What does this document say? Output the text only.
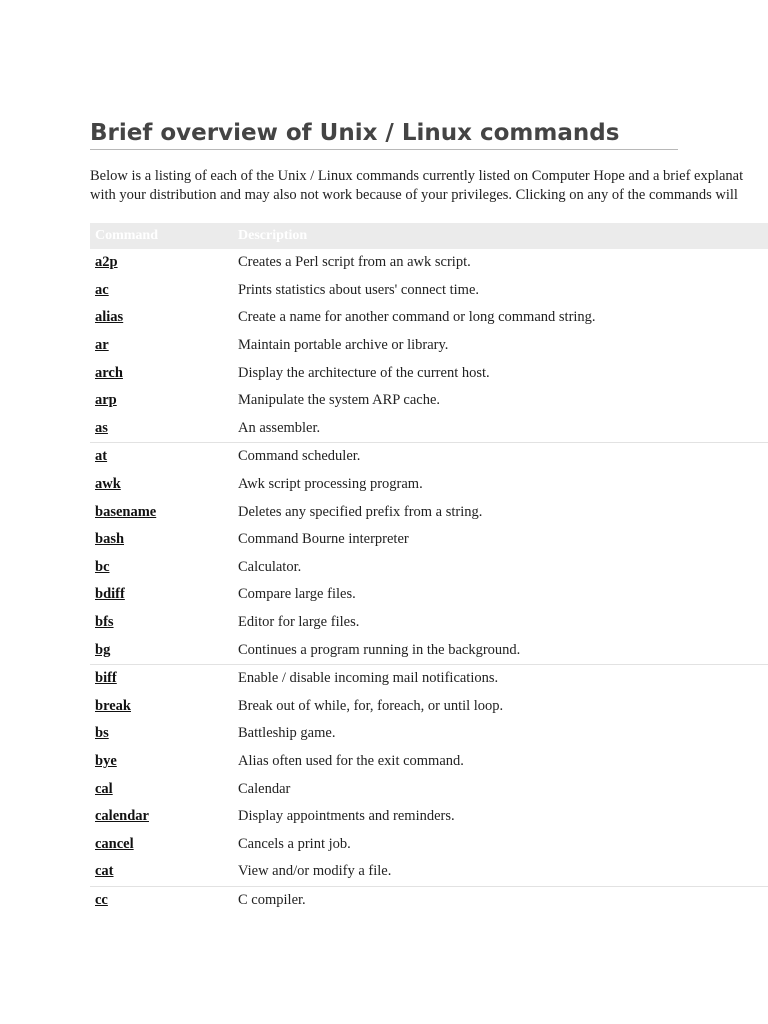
Brief overview of Unix / Linux commands

Below is a listing of each of the Unix / Linux commands currently listed on Computer Hope and a brief explanat
with your distribution and may also not work because of your privileges. Clicking on any of the commands will

Command	Description
a2p	Creates a Perl script from an awk script.
ac	Prints statistics about users' connect time.
alias	Create a name for another command or long command string.
ar	Maintain portable archive or library.
arch	Display the architecture of the current host.
arp	Manipulate the system ARP cache.
as	An assembler.
at	Command scheduler.
awk	Awk script processing program.
basename	Deletes any specified prefix from a string.
bash	Command Bourne interpreter
bc	Calculator.
bdiff	Compare large files.
bfs	Editor for large files.
bg	Continues a program running in the background.
biff	Enable / disable incoming mail notifications.
break	Break out of while, for, foreach, or until loop.
bs	Battleship game.
bye	Alias often used for the exit command.
cal	Calendar
calendar	Display appointments and reminders.
cancel	Cancels a print job.
cat	View and/or modify a file.
cc	C compiler.
